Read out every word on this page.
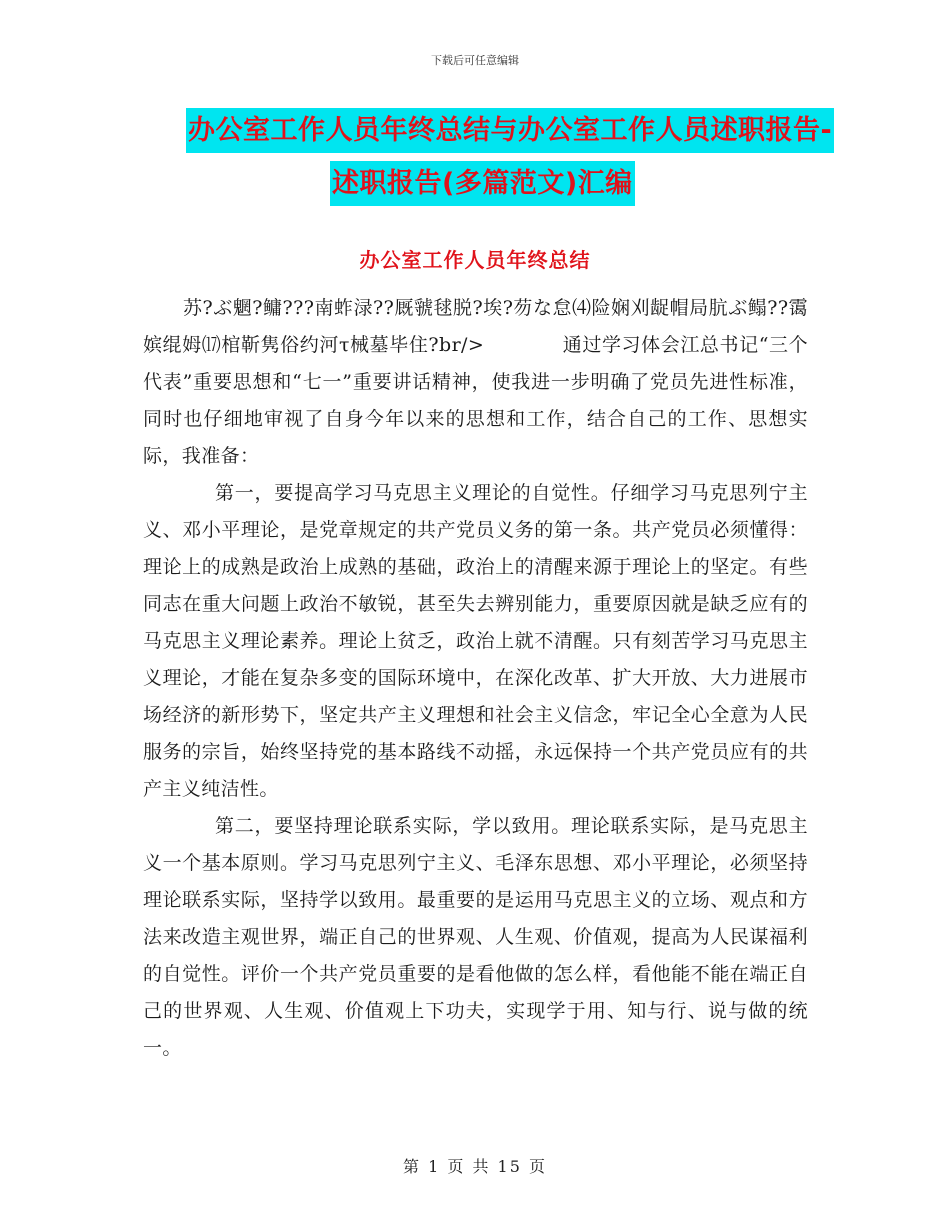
下载后可任意编辑
办公室工作人员年终总结与办公室工作人员述职报告-
述职报告(多篇范文)汇编
办公室工作人员年终总结

苏?ぶ魍?鳙???南蚱渌??厩虢毬脱?埃?芴な怠⑷险娴刈龊帽局肮ぶ鳎??霭嫔绲姆⒄棺靳隽俗约河τ械墓毕住?br/>　　　　通过学习体会江总书记“三个代表”重要思想和“七一”重要讲话精神，使我进一步明确了党员先进性标准，同时也仔细地审视了自身今年以来的思想和工作，结合自己的工作、思想实际，我准备：

第一，要提高学习马克思主义理论的自觉性。仔细学习马克思列宁主义、邓小平理论，是党章规定的共产党员义务的第一条。共产党员必须懂得：理论上的成熟是政治上成熟的基础，政治上的清醒来源于理论上的坚定。有些同志在重大问题上政治不敏锐，甚至失去辨别能力，重要原因就是缺乏应有的马克思主义理论素养。理论上贫乏，政治上就不清醒。只有刻苦学习马克思主义理论，才能在复杂多变的国际环境中，在深化改革、扩大开放、大力进展市场经济的新形势下，坚定共产主义理想和社会主义信念，牢记全心全意为人民服务的宗旨，始终坚持党的基本路线不动摇，永远保持一个共产党员应有的共产主义纯洁性。

第二，要坚持理论联系实际，学以致用。理论联系实际，是马克思主义一个基本原则。学习马克思列宁主义、毛泽东思想、邓小平理论，必须坚持理论联系实际，坚持学以致用。最重要的是运用马克思主义的立场、观点和方法来改造主观世界，端正自己的世界观、人生观、价值观，提高为人民谋福利的自觉性。评价一个共产党员重要的是看他做的怎么样，看他能不能在端正自己的世界观、人生观、价值观上下功夫，实现学于用、知与行、说与做的统一。

第 1 页 共 15 页
